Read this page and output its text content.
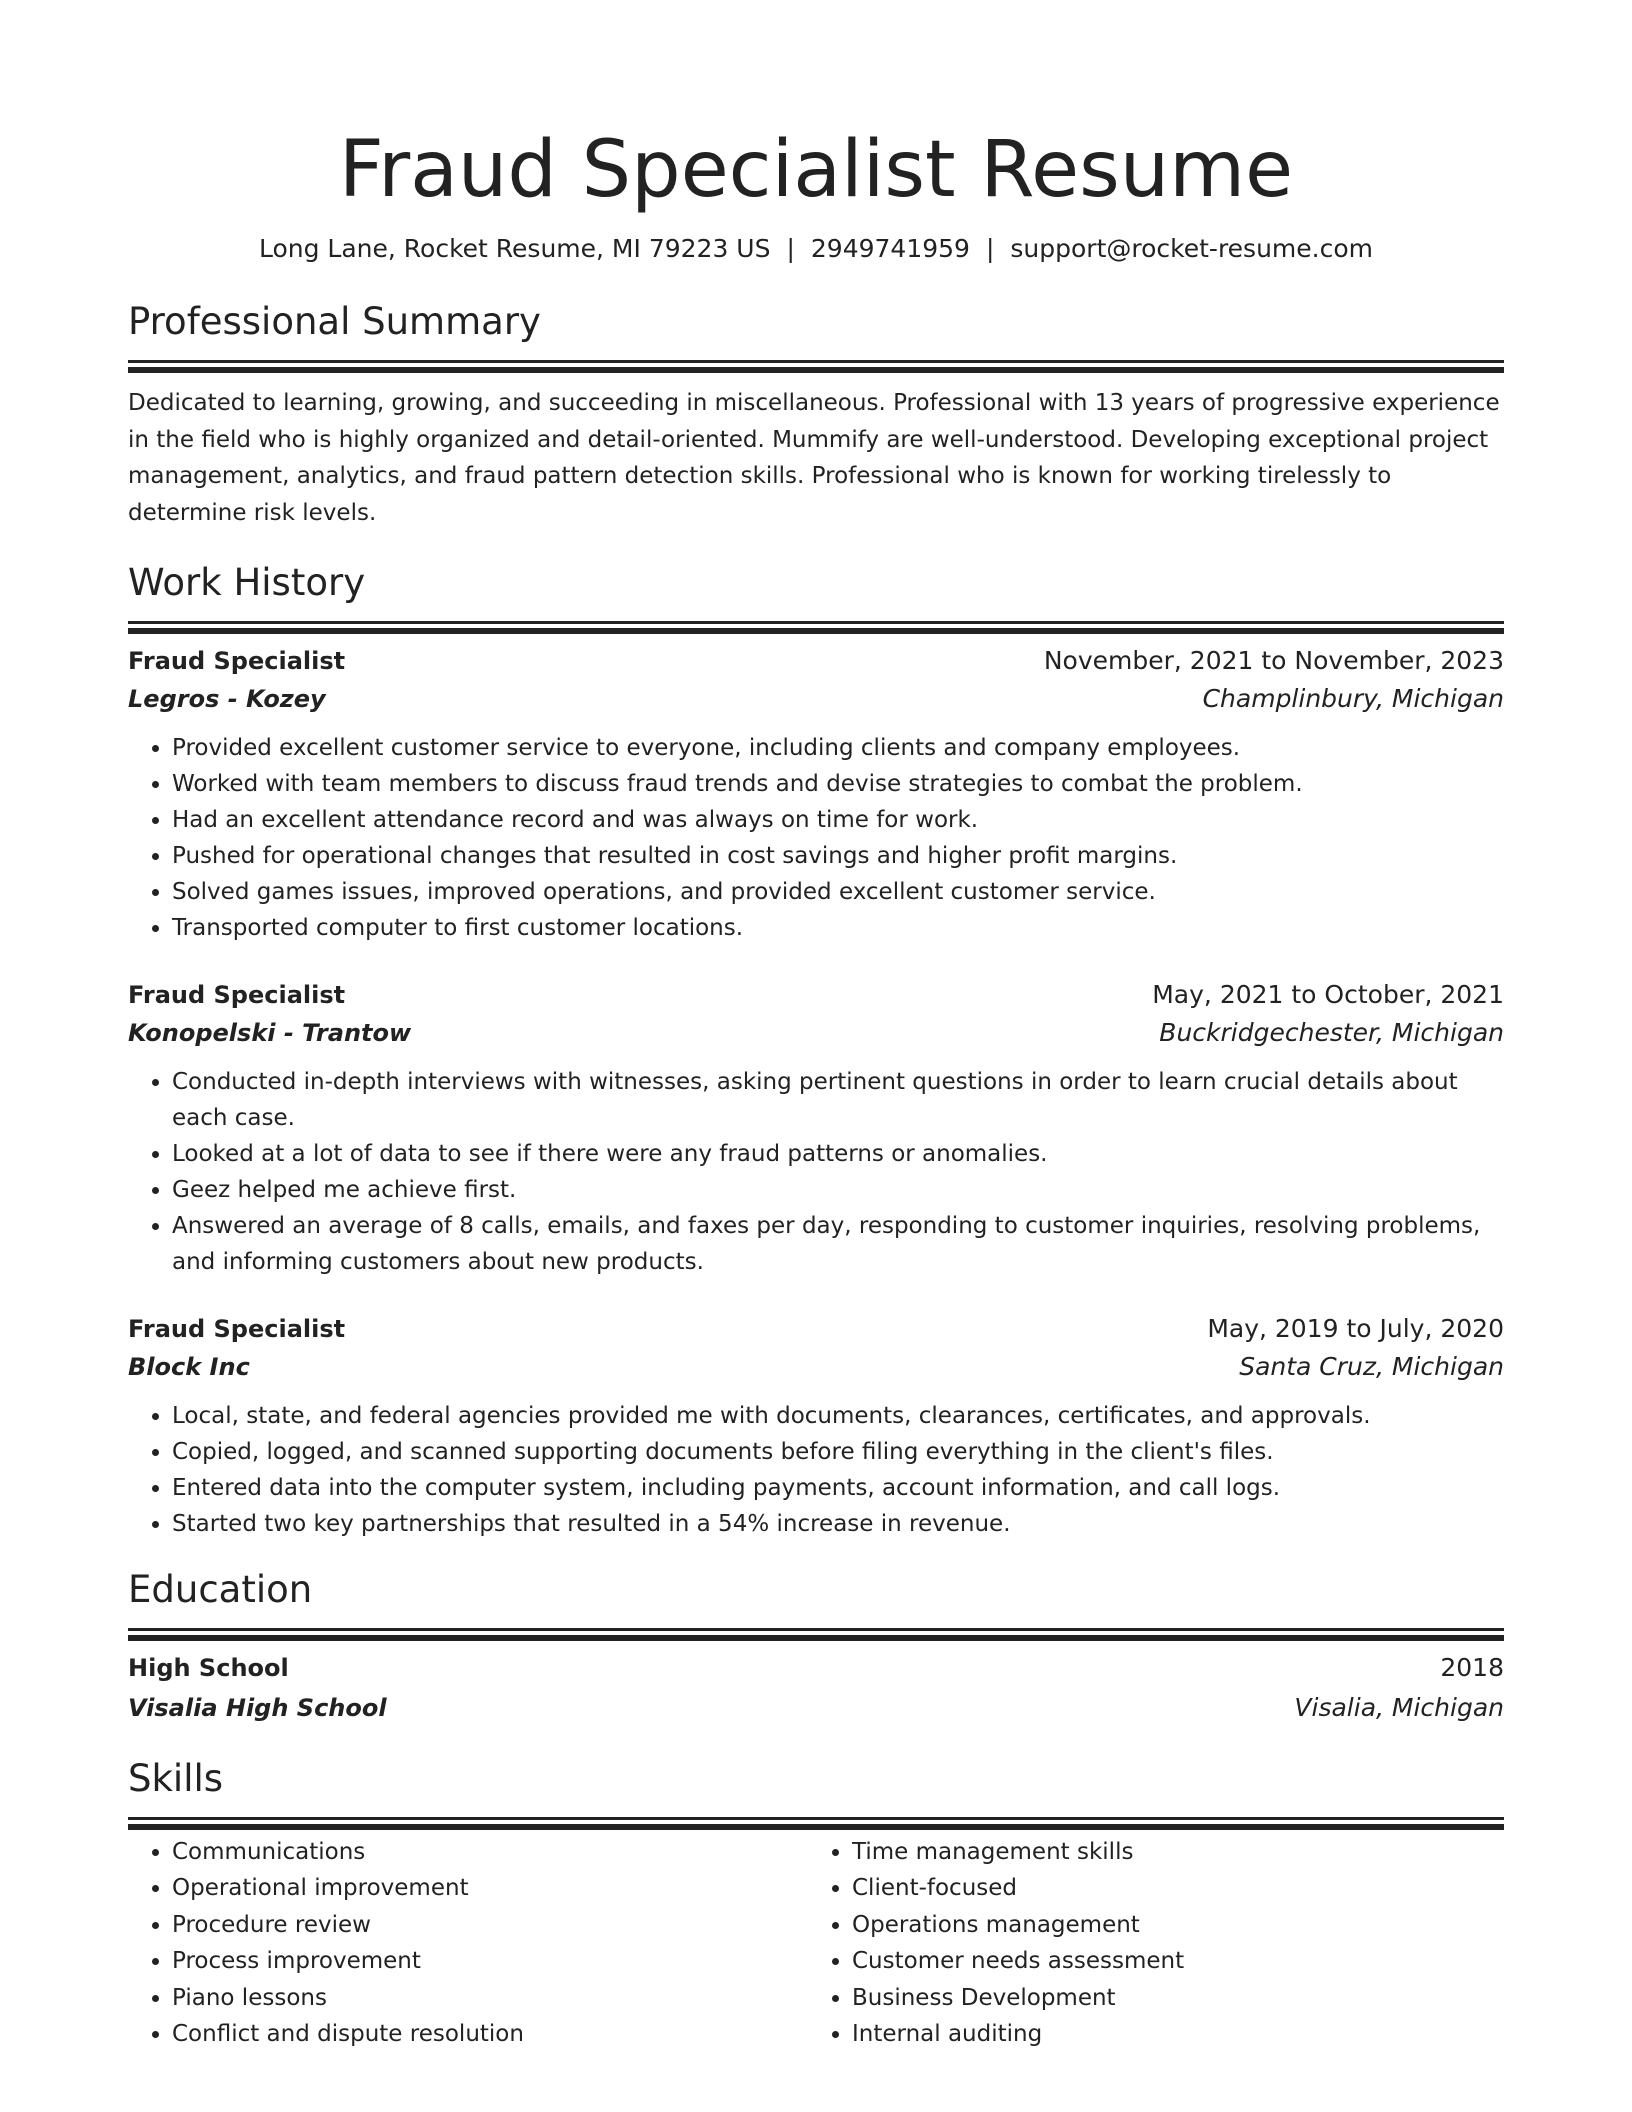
Fraud Specialist Resume
Long Lane, Rocket Resume, MI 79223 US | 2949741959 | support@rocket-resume.com
Professional Summary

Dedicated to learning, growing, and succeeding in miscellaneous. Professional with 13 years of progressive experience in the field who is highly organized and detail-oriented. Mummify are well-understood. Developing exceptional project management, analytics, and fraud pattern detection skills. Professional who is known for working tirelessly to determine risk levels.

Work History
Fraud Specialist	November, 2021 to November, 2023
Legros - Kozey	Champlinbury, Michigan
• Provided excellent customer service to everyone, including clients and company employees.
• Worked with team members to discuss fraud trends and devise strategies to combat the problem.
• Had an excellent attendance record and was always on time for work.
• Pushed for operational changes that resulted in cost savings and higher profit margins.
• Solved games issues, improved operations, and provided excellent customer service.
• Transported computer to first customer locations.
Fraud Specialist	May, 2021 to October, 2021
Konopelski - Trantow	Buckridgechester, Michigan
• Conducted in-depth interviews with witnesses, asking pertinent questions in order to learn crucial details about each case.
• Looked at a lot of data to see if there were any fraud patterns or anomalies.
• Geez helped me achieve first.
• Answered an average of 8 calls, emails, and faxes per day, responding to customer inquiries, resolving problems, and informing customers about new products.
Fraud Specialist	May, 2019 to July, 2020
Block Inc	Santa Cruz, Michigan
• Local, state, and federal agencies provided me with documents, clearances, certificates, and approvals.
• Copied, logged, and scanned supporting documents before filing everything in the client's files.
• Entered data into the computer system, including payments, account information, and call logs.
• Started two key partnerships that resulted in a 54% increase in revenue.
Education
High School	2018
Visalia High School	Visalia, Michigan
Skills
• Communications
• Operational improvement
• Procedure review
• Process improvement
• Piano lessons
• Conflict and dispute resolution
• Time management skills
• Client-focused
• Operations management
• Customer needs assessment
• Business Development
• Internal auditing
